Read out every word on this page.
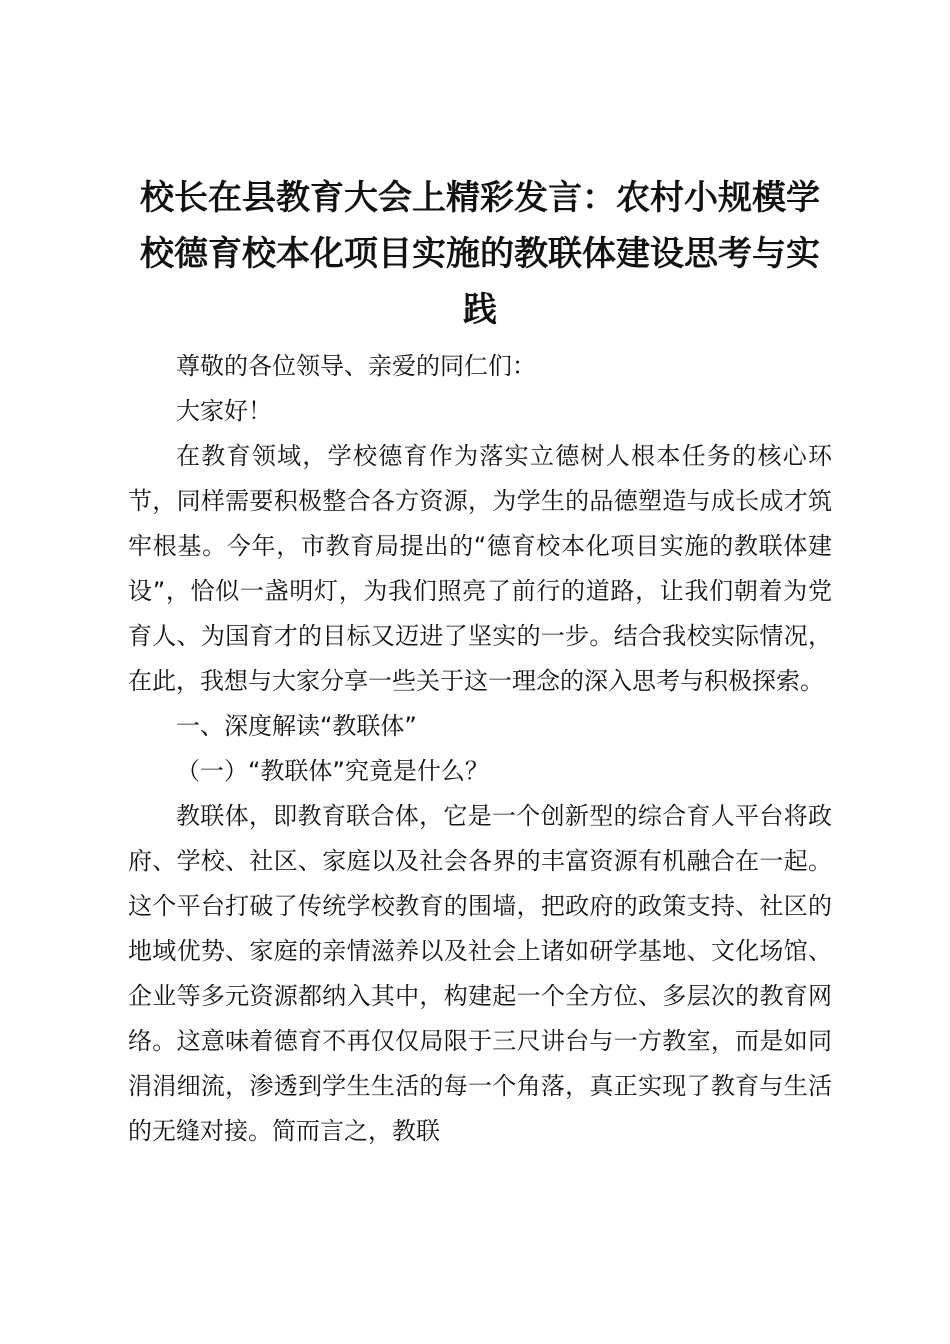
校长在县教育大会上精彩发言：农村小规模学校德育校本化项目实施的教联体建设思考与实践

尊敬的各位领导、亲爱的同仁们：

大家好！

在教育领域，学校德育作为落实立德树人根本任务的核心环节，同样需要积极整合各方资源，为学生的品德塑造与成长成才筑牢根基。今年，市教育局提出的“德育校本化项目实施的教联体建设”，恰似一盏明灯，为我们照亮了前行的道路，让我们朝着为党育人、为国育才的目标又迈进了坚实的一步。结合我校实际情况，在此，我想与大家分享一些关于这一理念的深入思考与积极探索。

一、深度解读“教联体”

（一）“教联体”究竟是什么？

教联体，即教育联合体，它是一个创新型的综合育人平台将政府、学校、社区、家庭以及社会各界的丰富资源有机融合在一起。这个平台打破了传统学校教育的围墙，把政府的政策支持、社区的地域优势、家庭的亲情滋养以及社会上诸如研学基地、文化场馆、企业等多元资源都纳入其中，构建起一个全方位、多层次的教育网络。这意味着德育不再仅仅局限于三尺讲台与一方教室，而是如同涓涓细流，渗透到学生生活的每一个角落，真正实现了教育与生活的无缝对接。简而言之，教联
